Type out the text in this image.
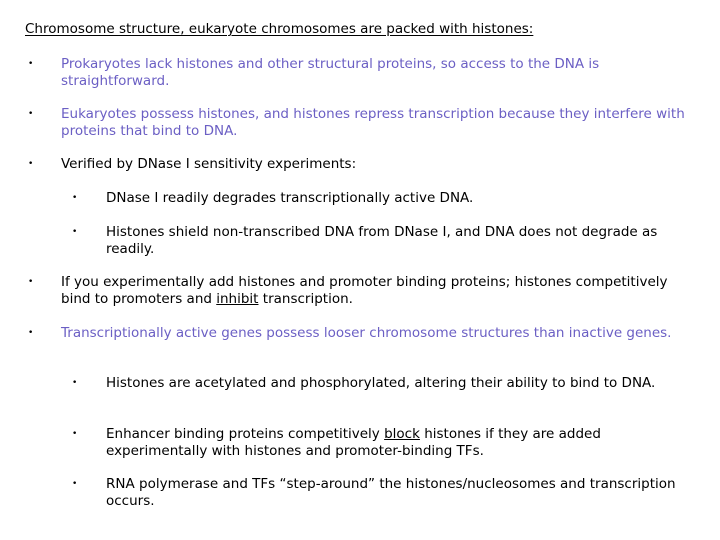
Chromosome structure, eukaryote chromosomes are packed with histones:
• Prokaryotes lack histones and other structural proteins, so access to the DNA is straightforward.
• Eukaryotes possess histones, and histones repress transcription because they interfere with proteins that bind to DNA.
• Verified by DNase I sensitivity experiments:
• DNase I readily degrades transcriptionally active DNA.
• Histones shield non-transcribed DNA from DNase I, and DNA does not degrade as readily.
• If you experimentally add histones and promoter binding proteins; histones competitively bind to promoters and inhibit transcription.
• Transcriptionally active genes possess looser chromosome structures than inactive genes.
• Histones are acetylated and phosphorylated, altering their ability to bind to DNA.
• Enhancer binding proteins competitively block histones if they are added experimentally with histones and promoter-binding TFs.
• RNA polymerase and TFs “step-around” the histones/nucleosomes and transcription occurs.
